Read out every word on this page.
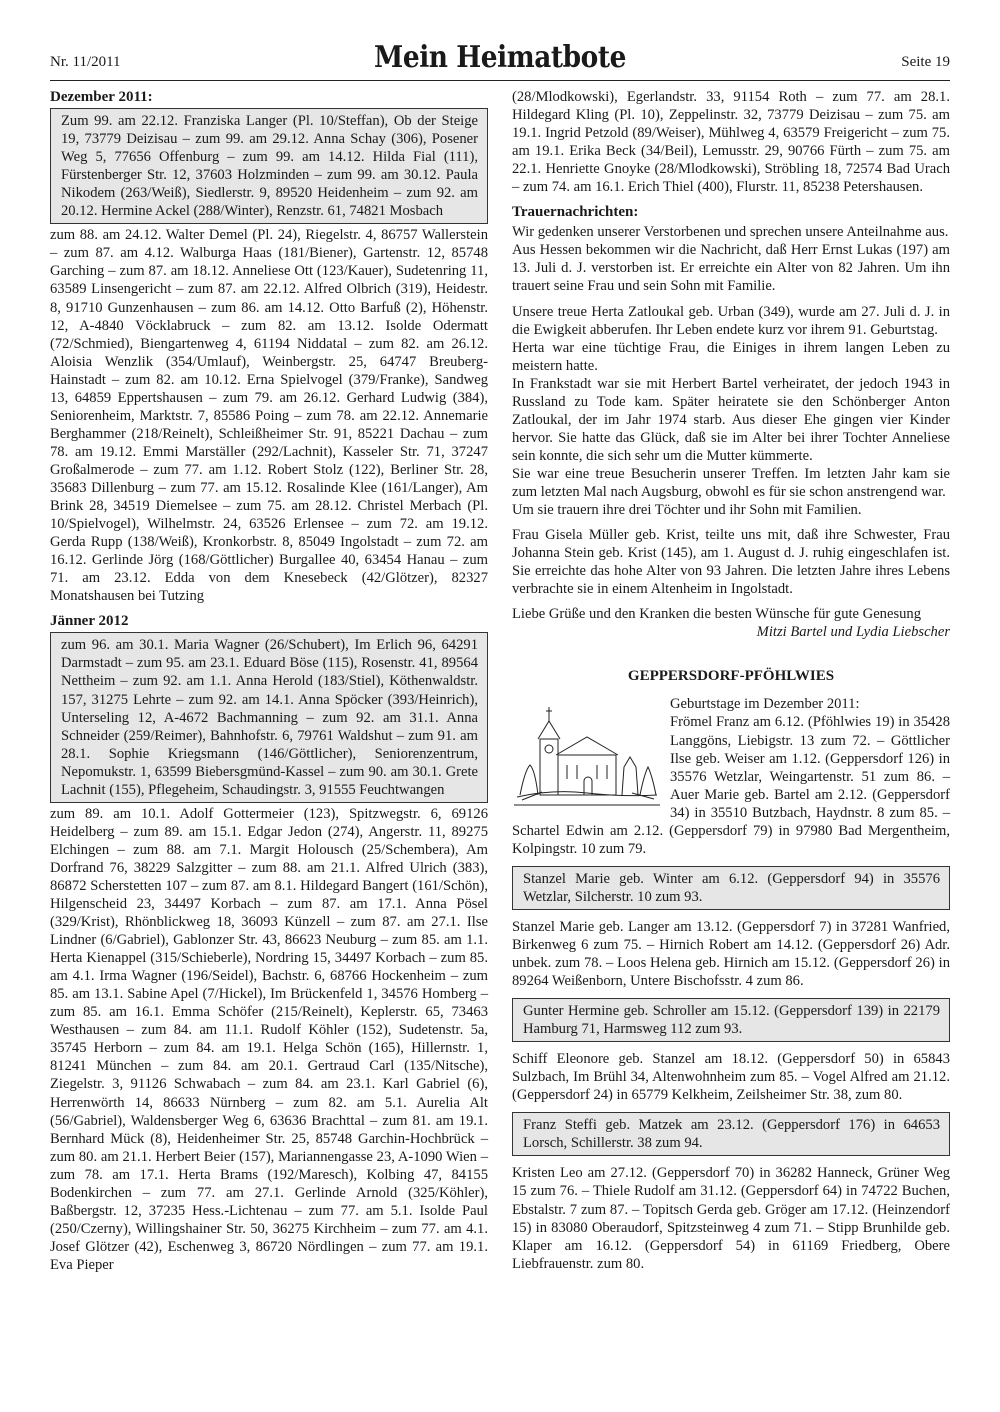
Nr. 11/2011	Mein Heimatbote	Seite 19
Dezember 2011:

Zum 99. am 22.12. Franziska Langer (Pl. 10/Steffan), Ob der Steige 19, 73779 Deizisau – zum 99. am 29.12. Anna Schay (306), Posener Weg 5, 77656 Offenburg – zum 99. am 14.12. Hilda Fial (111), Fürstenberger Str. 12, 37603 Holzminden – zum 99. am 30.12. Paula Nikodem (263/Weiß), Siedlerstr. 9, 89520 Heidenheim – zum 92. am 20.12. Hermine Ackel (288/Winter), Renzstr. 61, 74821 Mosbach

zum 88. am 24.12. Walter Demel (Pl. 24), Riegelstr. 4, 86757 Wallerstein – zum 87. am 4.12. Walburga Haas (181/Biener), Gartenstr. 12, 85748 Garching – zum 87. am 18.12. Anneliese Ott (123/Kauer), Sudetenring 11, 63589 Linsengericht – zum 87. am 22.12. Alfred Olbrich (319), Heidestr. 8, 91710 Gunzenhausen – zum 86. am 14.12. Otto Barfuß (2), Höhenstr. 12, A-4840 Vöcklabruck – zum 82. am 13.12. Isolde Odermatt (72/Schmied), Biengartenweg 4, 61194 Niddatal – zum 82. am 26.12. Aloisia Wenzlik (354/Umlauf), Weinbergstr. 25, 64747 Breuberg-Hainstadt – zum 82. am 10.12. Erna Spielvogel (379/Franke), Sandweg 13, 64859 Eppertshausen – zum 79. am 26.12. Gerhard Ludwig (384), Seniorenheim, Marktstr. 7, 85586 Poing – zum 78. am 22.12. Annemarie Berghammer (218/Reinelt), Schleißheimer Str. 91, 85221 Dachau – zum 78. am 19.12. Emmi Marställer (292/Lachnit), Kasseler Str. 71, 37247 Großalmerode – zum 77. am 1.12. Robert Stolz (122), Berliner Str. 28, 35683 Dillenburg – zum 77. am 15.12. Rosalinde Klee (161/Langer), Am Brink 28, 34519 Diemelsee – zum 75. am 28.12. Christel Merbach (Pl. 10/Spielvogel), Wilhelmstr. 24, 63526 Erlensee – zum 72. am 19.12. Gerda Rupp (138/Weiß), Kronkorbstr. 8, 85049 Ingolstadt – zum 72. am 16.12. Gerlinde Jörg (168/Göttlicher) Burgallee 40, 63454 Hanau – zum 71. am 23.12. Edda von dem Knesebeck (42/Glötzer), 82327 Monatshausen bei Tutzing

Jänner 2012

zum 96. am 30.1. Maria Wagner (26/Schubert), Im Erlich 96, 64291 Darmstadt – zum 95. am 23.1. Eduard Böse (115), Rosenstr. 41, 89564 Nettheim – zum 92. am 1.1. Anna Herold (183/Stiel), Köthenwaldstr. 157, 31275 Lehrte – zum 92. am 14.1. Anna Spöcker (393/Heinrich), Unterseling 12, A-4672 Bachmanning – zum 92. am 31.1. Anna Schneider (259/Reimer), Bahnhofstr. 6, 79761 Waldshut – zum 91. am 28.1. Sophie Kriegsmann (146/Göttlicher), Seniorenzentrum, Nepomukstr. 1, 63599 Biebersgmünd-Kassel – zum 90. am 30.1. Grete Lachnit (155), Pflegeheim, Schaudingstr. 3, 91555 Feuchtwangen

zum 89. am 10.1. Adolf Gottermeier (123), Spitzwegstr. 6, 69126 Heidelberg – zum 89. am 15.1. Edgar Jedon (274), Angerstr. 11, 89275 Elchingen – zum 88. am 7.1. Margit Holousch (25/Schembera), Am Dorfrand 76, 38229 Salzgitter – zum 88. am 21.1. Alfred Ulrich (383), 86872 Scherstetten 107 – zum 87. am 8.1. Hildegard Bangert (161/Schön), Hilgenscheid 23, 34497 Korbach – zum 87. am 17.1. Anna Pösel (329/Krist), Rhönblickweg 18, 36093 Künzell – zum 87. am 27.1. Ilse Lindner (6/Gabriel), Gablonzer Str. 43, 86623 Neuburg – zum 85. am 1.1. Herta Kienappel (315/Schieberle), Nordring 15, 34497 Korbach – zum 85. am 4.1. Irma Wagner (196/Seidel), Bachstr. 6, 68766 Hockenheim – zum 85. am 13.1. Sabine Apel (7/Hickel), Im Brückenfeld 1, 34576 Homberg – zum 85. am 16.1. Emma Schöfer (215/Reinelt), Keplerstr. 65, 73463 Westhausen – zum 84. am 11.1. Rudolf Köhler (152), Sudetenstr. 5a, 35745 Herborn – zum 84. am 19.1. Helga Schön (165), Hillernstr. 1, 81241 München – zum 84. am 20.1. Gertraud Carl (135/Nitsche), Ziegelstr. 3, 91126 Schwabach – zum 84. am 23.1. Karl Gabriel (6), Herrenwörth 14, 86633 Nürnberg – zum 82. am 5.1. Aurelia Alt (56/Gabriel), Waldensberger Weg 6, 63636 Brachttal – zum 81. am 19.1. Bernhard Mück (8), Heidenheimer Str. 25, 85748 Garchin-Hochbrück – zum 80. am 21.1. Herbert Beier (157), Mariannengasse 23, A-1090 Wien – zum 78. am 17.1. Herta Brams (192/Maresch), Kolbing 47, 84155 Bodenkirchen – zum 77. am 27.1. Gerlinde Arnold (325/Köhler), Baßbergstr. 12, 37235 Hess.-Lichtenau – zum 77. am 5.1. Isolde Paul (250/Czerny), Willingshainer Str. 50, 36275 Kirchheim – zum 77. am 4.1. Josef Glötzer (42), Eschenweg 3, 86720 Nördlingen – zum 77. am 19.1. Eva Pieper

(28/Mlodkowski), Egerlandstr. 33, 91154 Roth – zum 77. am 28.1. Hildegard Kling (Pl. 10), Zeppelinstr. 32, 73779 Deizisau – zum 75. am 19.1. Ingrid Petzold (89/Weiser), Mühlweg 4, 63579 Freigericht – zum 75. am 19.1. Erika Beck (34/Beil), Lemusstr. 29, 90766 Fürth – zum 75. am 22.1. Henriette Gnoyke (28/Mlodkowski), Ströbling 18, 72574 Bad Urach – zum 74. am 16.1. Erich Thiel (400), Flurstr. 11, 85238 Petershausen.

Trauernachrichten:

Wir gedenken unserer Verstorbenen und sprechen unsere Anteilnahme aus.

Aus Hessen bekommen wir die Nachricht, daß Herr Ernst Lukas (197) am 13. Juli d. J. verstorben ist. Er erreichte ein Alter von 82 Jahren. Um ihn trauert seine Frau und sein Sohn mit Familie.

Unsere treue Herta Zatloukal geb. Urban (349), wurde am 27. Juli d. J. in die Ewigkeit abberufen. Ihr Leben endete kurz vor ihrem 91. Geburtstag.

Herta war eine tüchtige Frau, die Einiges in ihrem langen Leben zu meistern hatte.

In Frankstadt war sie mit Herbert Bartel verheiratet, der jedoch 1943 in Russland zu Tode kam. Später heiratete sie den Schönberger Anton Zatloukal, der im Jahr 1974 starb. Aus dieser Ehe gingen vier Kinder hervor. Sie hatte das Glück, daß sie im Alter bei ihrer Tochter Anneliese sein konnte, die sich sehr um die Mutter kümmerte.

Sie war eine treue Besucherin unserer Treffen. Im letzten Jahr kam sie zum letzten Mal nach Augsburg, obwohl es für sie schon anstrengend war.

Um sie trauern ihre drei Töchter und ihr Sohn mit Familien.

Frau Gisela Müller geb. Krist, teilte uns mit, daß ihre Schwester, Frau Johanna Stein geb. Krist (145), am 1. August d. J. ruhig eingeschlafen ist. Sie erreichte das hohe Alter von 93 Jahren. Die letzten Jahre ihres Lebens verbrachte sie in einem Altenheim in Ingolstadt.

Liebe Grüße und den Kranken die besten Wünsche für gute Genesung

Mitzi Bartel und Lydia Liebscher
GEPPERSDORF-PFÖHLWIES

Geburtstage im Dezember 2011:

Frömel Franz am 6.12. (Pföhlwies 19) in 35428 Langgöns, Liebigstr. 13 zum 72. – Göttlicher Ilse geb. Weiser am 1.12. (Geppersdorf 126) in 35576 Wetzlar, Weingartenstr. 51 zum 86. – Auer Marie geb. Bartel am 2.12. (Geppersdorf 34) in 35510 Butzbach, Haydnstr. 8 zum 85. – Schartel Edwin am 2.12. (Geppersdorf 79) in 97980 Bad Mergentheim, Kolpingstr. 10 zum 79.

Stanzel Marie geb. Winter am 6.12. (Geppersdorf 94) in 35576 Wetzlar, Silcherstr. 10 zum 93.

Stanzel Marie geb. Langer am 13.12. (Geppersdorf 7) in 37281 Wanfried, Birkenweg 6 zum 75. – Hirnich Robert am 14.12. (Geppersdorf 26) Adr. unbek. zum 78. – Loos Helena geb. Hirnich am 15.12. (Geppersdorf 26) in 89264 Weißenborn, Untere Bischofsstr. 4 zum 86.

Gunter Hermine geb. Schroller am 15.12. (Geppersdorf 139) in 22179 Hamburg 71, Harmsweg 112 zum 93.

Schiff Eleonore geb. Stanzel am 18.12. (Geppersdorf 50) in 65843 Sulzbach, Im Brühl 34, Altenwohnheim zum 85. – Vogel Alfred am 21.12. (Geppersdorf 24) in 65779 Kelkheim, Zeilsheimer Str. 38, zum 80.

Franz Steffi geb. Matzek am 23.12. (Geppersdorf 176) in 64653 Lorsch, Schillerstr. 38 zum 94.

Kristen Leo am 27.12. (Geppersdorf 70) in 36282 Hanneck, Grüner Weg 15 zum 76. – Thiele Rudolf am 31.12. (Geppersdorf 64) in 74722 Buchen, Ebstalstr. 7 zum 87. – Topitsch Gerda geb. Gröger am 17.12. (Heinzendorf 15) in 83080 Oberaudorf, Spitzsteinweg 4 zum 71. – Stipp Brunhilde geb. Klaper am 16.12. (Geppersdorf 54) in 61169 Friedberg, Obere Liebfrauenstr. zum 80.
